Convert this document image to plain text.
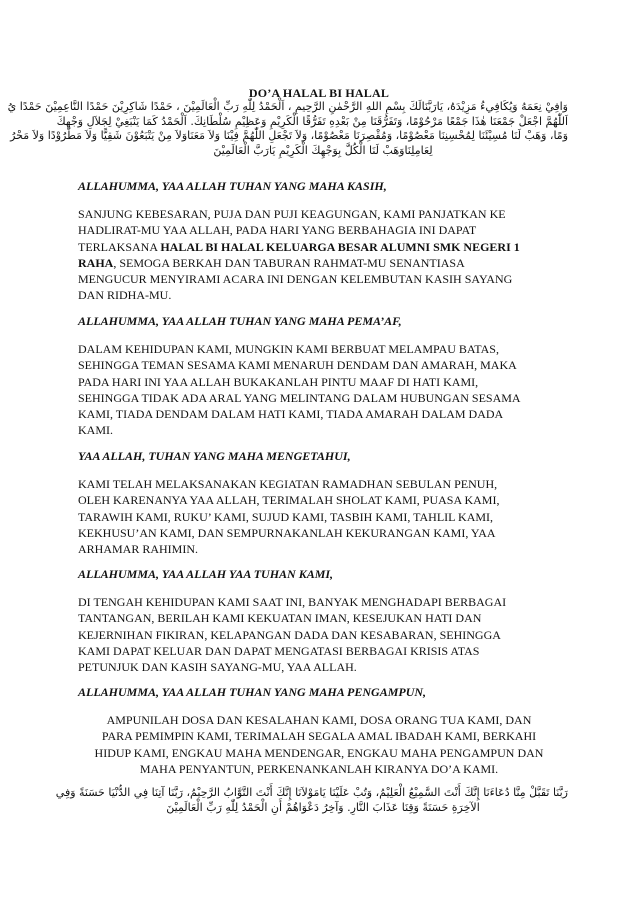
DO’A HALAL BI HALAL
وَافِيْ نِعَمَهُ وَيُكَافِيءُ مَزِيْدَهُ، يَارَبَّنَالَكَ بِسْمِ اللهِ الرَّحْمٰنِ الرَّحِيمِ ، اَلْحَمْدُ لِلّٰهِ رَبِّ الْعَالَمِيْنَ ، حَمْدًا شَاكِرِيْنَ حَمْدًا النَّاعِمِيْنَ حَمْدًا يُ
اَللّٰهُمَّ اجْعَلْ جَمْعَنَا هٰذَا جَمْعًا مَرْحُوْمًا، وَتَفَرُّقَنَا مِنْ بَعْدِهِ تَفَرُّقًا الْكَرِيْمِ وَعَظِيْمِ سُلْطَانِكَ. اَلْحَمْدُ كَمَا يَنْبَغِيْ لِجَلاَلِ وَجْهِكَ
وَمًا، وَهَبْ لَنَا مُسِيْئَنَا لِمُحْسِنِنَا مَعْصُوْمًا، وَمُقْصِرَنَا مَعْصُوْمًا، وَلاَ تَجْعَلِ اللّٰهُمَّ فِيْنَا وَلاَ مَعَنَاوَلاَ مِنْ يَتْبَعُوْنَ شَقِيًّا وَلاَ مَطْرُوْدًا وَلاَ مَحْرُ
لِعَامِلِنَاوَهَبْ لَنَا الْكُلَّ بِوَجْهِكَ الْكَرِيْمِ يَارَبَّ الْعَالَمِيْنَ
ALLAHUMMA, YAA ALLAH TUHAN YANG MAHA KASIH,
SANJUNG KEBESARAN, PUJA DAN PUJI KEAGUNGAN, KAMI PANJATKAN KE
HADLIRAT-MU YAA ALLAH, PADA HARI YANG BERBAHAGIA INI DAPAT
TERLAKSANA HALAL BI HALAL KELUARGA BESAR ALUMNI SMK NEGERI 1
RAHA, SEMOGA BERKAH DAN TABURAN RAHMAT-MU SENANTIASA
MENGUCUR MENYIRAMI ACARA INI DENGAN KELEMBUTAN KASIH SAYANG
DAN RIDHA-MU.
ALLAHUMMA, YAA ALLAH TUHAN YANG MAHA PEMA’AF,
DALAM KEHIDUPAN KAMI, MUNGKIN KAMI BERBUAT MELAMPAU BATAS,
SEHINGGA TEMAN SESAMA KAMI MENARUH DENDAM DAN AMARAH, MAKA
PADA HARI INI YAA ALLAH BUKAKANLAH PINTU MAAF DI HATI KAMI,
SEHINGGA TIDAK ADA ARAL YANG MELINTANG DALAM HUBUNGAN SESAMA
KAMI, TIADA DENDAM DALAM HATI KAMI, TIADA AMARAH DALAM DADA
KAMI.
YAA ALLAH, TUHAN YANG MAHA MENGETAHUI,
KAMI TELAH MELAKSANAKAN KEGIATAN RAMADHAN SEBULAN PENUH,
OLEH KARENANYA YAA ALLAH, TERIMALAH SHOLAT KAMI, PUASA KAMI,
TARAWIH KAMI, RUKU’ KAMI, SUJUD KAMI, TASBIH KAMI, TAHLIL KAMI,
KEKHUSU’AN KAMI, DAN SEMPURNAKANLAH KEKURANGAN KAMI, YAA
ARHAMAR RAHIMIN.
ALLAHUMMA, YAA ALLAH YAA TUHAN KAMI,
DI TENGAH KEHIDUPAN KAMI SAAT INI, BANYAK MENGHADAPI BERBAGAI
TANTANGAN, BERILAH KAMI KEKUATAN IMAN, KESEJUKAN HATI DAN
KEJERNIHAN FIKIRAN, KELAPANGAN DADA DAN KESABARAN, SEHINGGA
KAMI DAPAT KELUAR DAN DAPAT MENGATASI BERBAGAI KRISIS ATAS
PETUNJUK DAN KASIH SAYANG-MU, YAA ALLAH.
ALLAHUMMA, YAA ALLAH TUHAN YANG MAHA PENGAMPUN,
AMPUNILAH DOSA DAN KESALAHAN KAMI, DOSA ORANG TUA KAMI, DAN
PARA PEMIMPIN KAMI, TERIMALAH SEGALA AMAL IBADAH KAMI, BERKAHI
HIDUP KAMI, ENGKAU MAHA MENDENGAR, ENGKAU MAHA PENGAMPUN DAN
MAHA PENYANTUN, PERKENANKANLAH KIRANYA DO’A KAMI.
رَبَّنَا تَقَبَّلْ مِنَّا دُعَاءَنَا إِنَّكَ أَنْتَ السَّمِيْعُ الْعَلِيْمُ، وَتُبْ عَلَيْنَا يَامَوْلاَنَا إِنَّكَ أَنْتَ التَّوَّابُ الرَّحِيْمُ، رَبَّنَا آتِنَا فِي الدُّنْيَا حَسَنَةً وَفِي
الآخِرَةِ حَسَنَةً وَقِنَا عَذَابَ النَّارِ. وَآخِرُ دَعْوَاهُمْ أَنِ الْحَمْدُ لِلّٰهِ رَبِّ الْعَالَمِيْنَ
